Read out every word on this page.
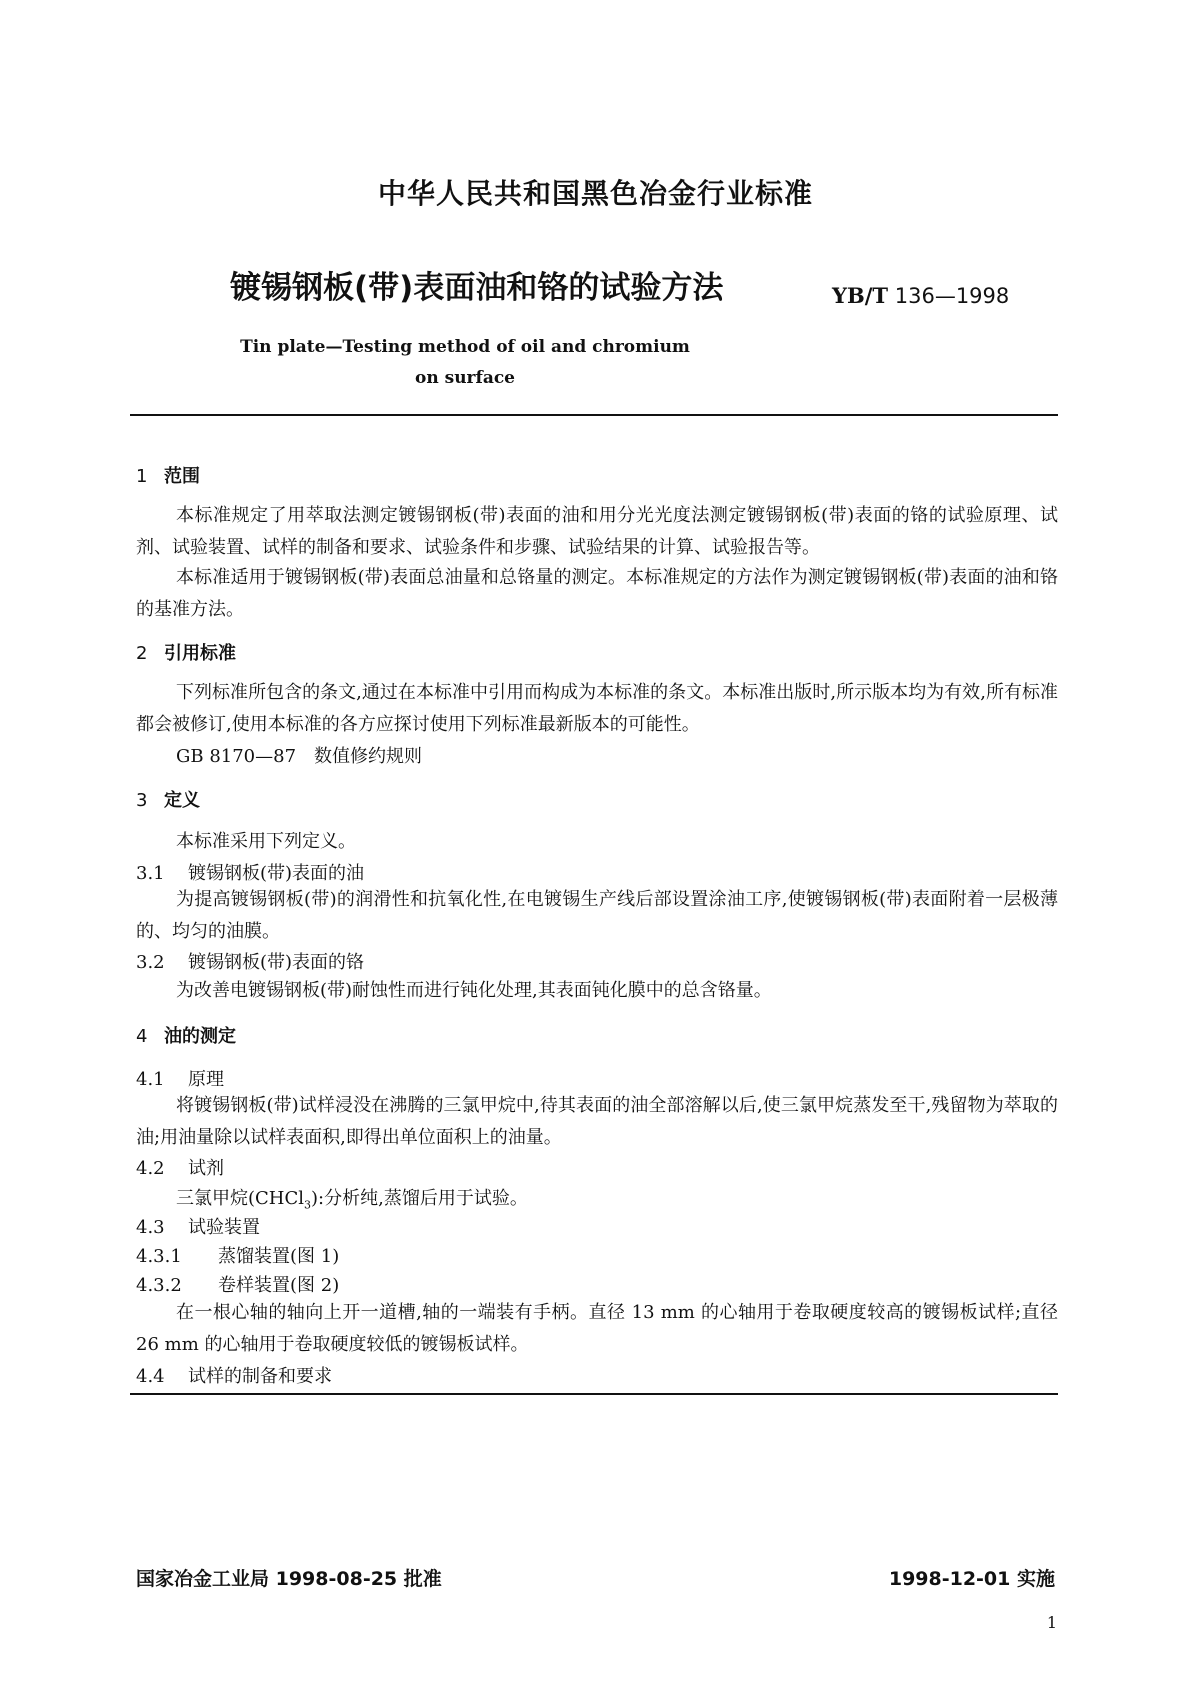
中华人民共和国黑色冶金行业标准
镀锡钢板(带)表面油和铬的试验方法	YB/T 136—1998
Tin plate—Testing method of oil and chromium on surface
1 范围
本标准规定了用萃取法测定镀锡钢板(带)表面的油和用分光光度法测定镀锡钢板(带)表面的铬的试验原理、试剂、试验装置、试样的制备和要求、试验条件和步骤、试验结果的计算、试验报告等。
本标准适用于镀锡钢板(带)表面总油量和总铬量的测定。本标准规定的方法作为测定镀锡钢板(带)表面的油和铬的基准方法。
2 引用标准
下列标准所包含的条文,通过在本标准中引用而构成为本标准的条文。本标准出版时,所示版本均为有效,所有标准都会被修订,使用本标准的各方应探讨使用下列标准最新版本的可能性。
GB 8170—87　数值修约规则
3 定义
本标准采用下列定义。
3.1 镀锡钢板(带)表面的油
为提高镀锡钢板(带)的润滑性和抗氧化性,在电镀锡生产线后部设置涂油工序,使镀锡钢板(带)表面附着一层极薄的、均匀的油膜。
3.2 镀锡钢板(带)表面的铬
为改善电镀锡钢板(带)耐蚀性而进行钝化处理,其表面钝化膜中的总含铬量。
4 油的测定
4.1 原理
将镀锡钢板(带)试样浸没在沸腾的三氯甲烷中,待其表面的油全部溶解以后,使三氯甲烷蒸发至干,残留物为萃取的油;用油量除以试样表面积,即得出单位面积上的油量。
4.2 试剂
三氯甲烷(CHCl$_3$):分析纯,蒸馏后用于试验。
4.3 试验装置
4.3.1 蒸馏装置(图 1)
4.3.2 卷样装置(图 2)
在一根心轴的轴向上开一道槽,轴的一端装有手柄。直径 13 mm 的心轴用于卷取硬度较高的镀锡板试样;直径 26 mm 的心轴用于卷取硬度较低的镀锡板试样。
4.4 试样的制备和要求
国家冶金工业局 1998-08-25 批准	1998-12-01 实施
1
